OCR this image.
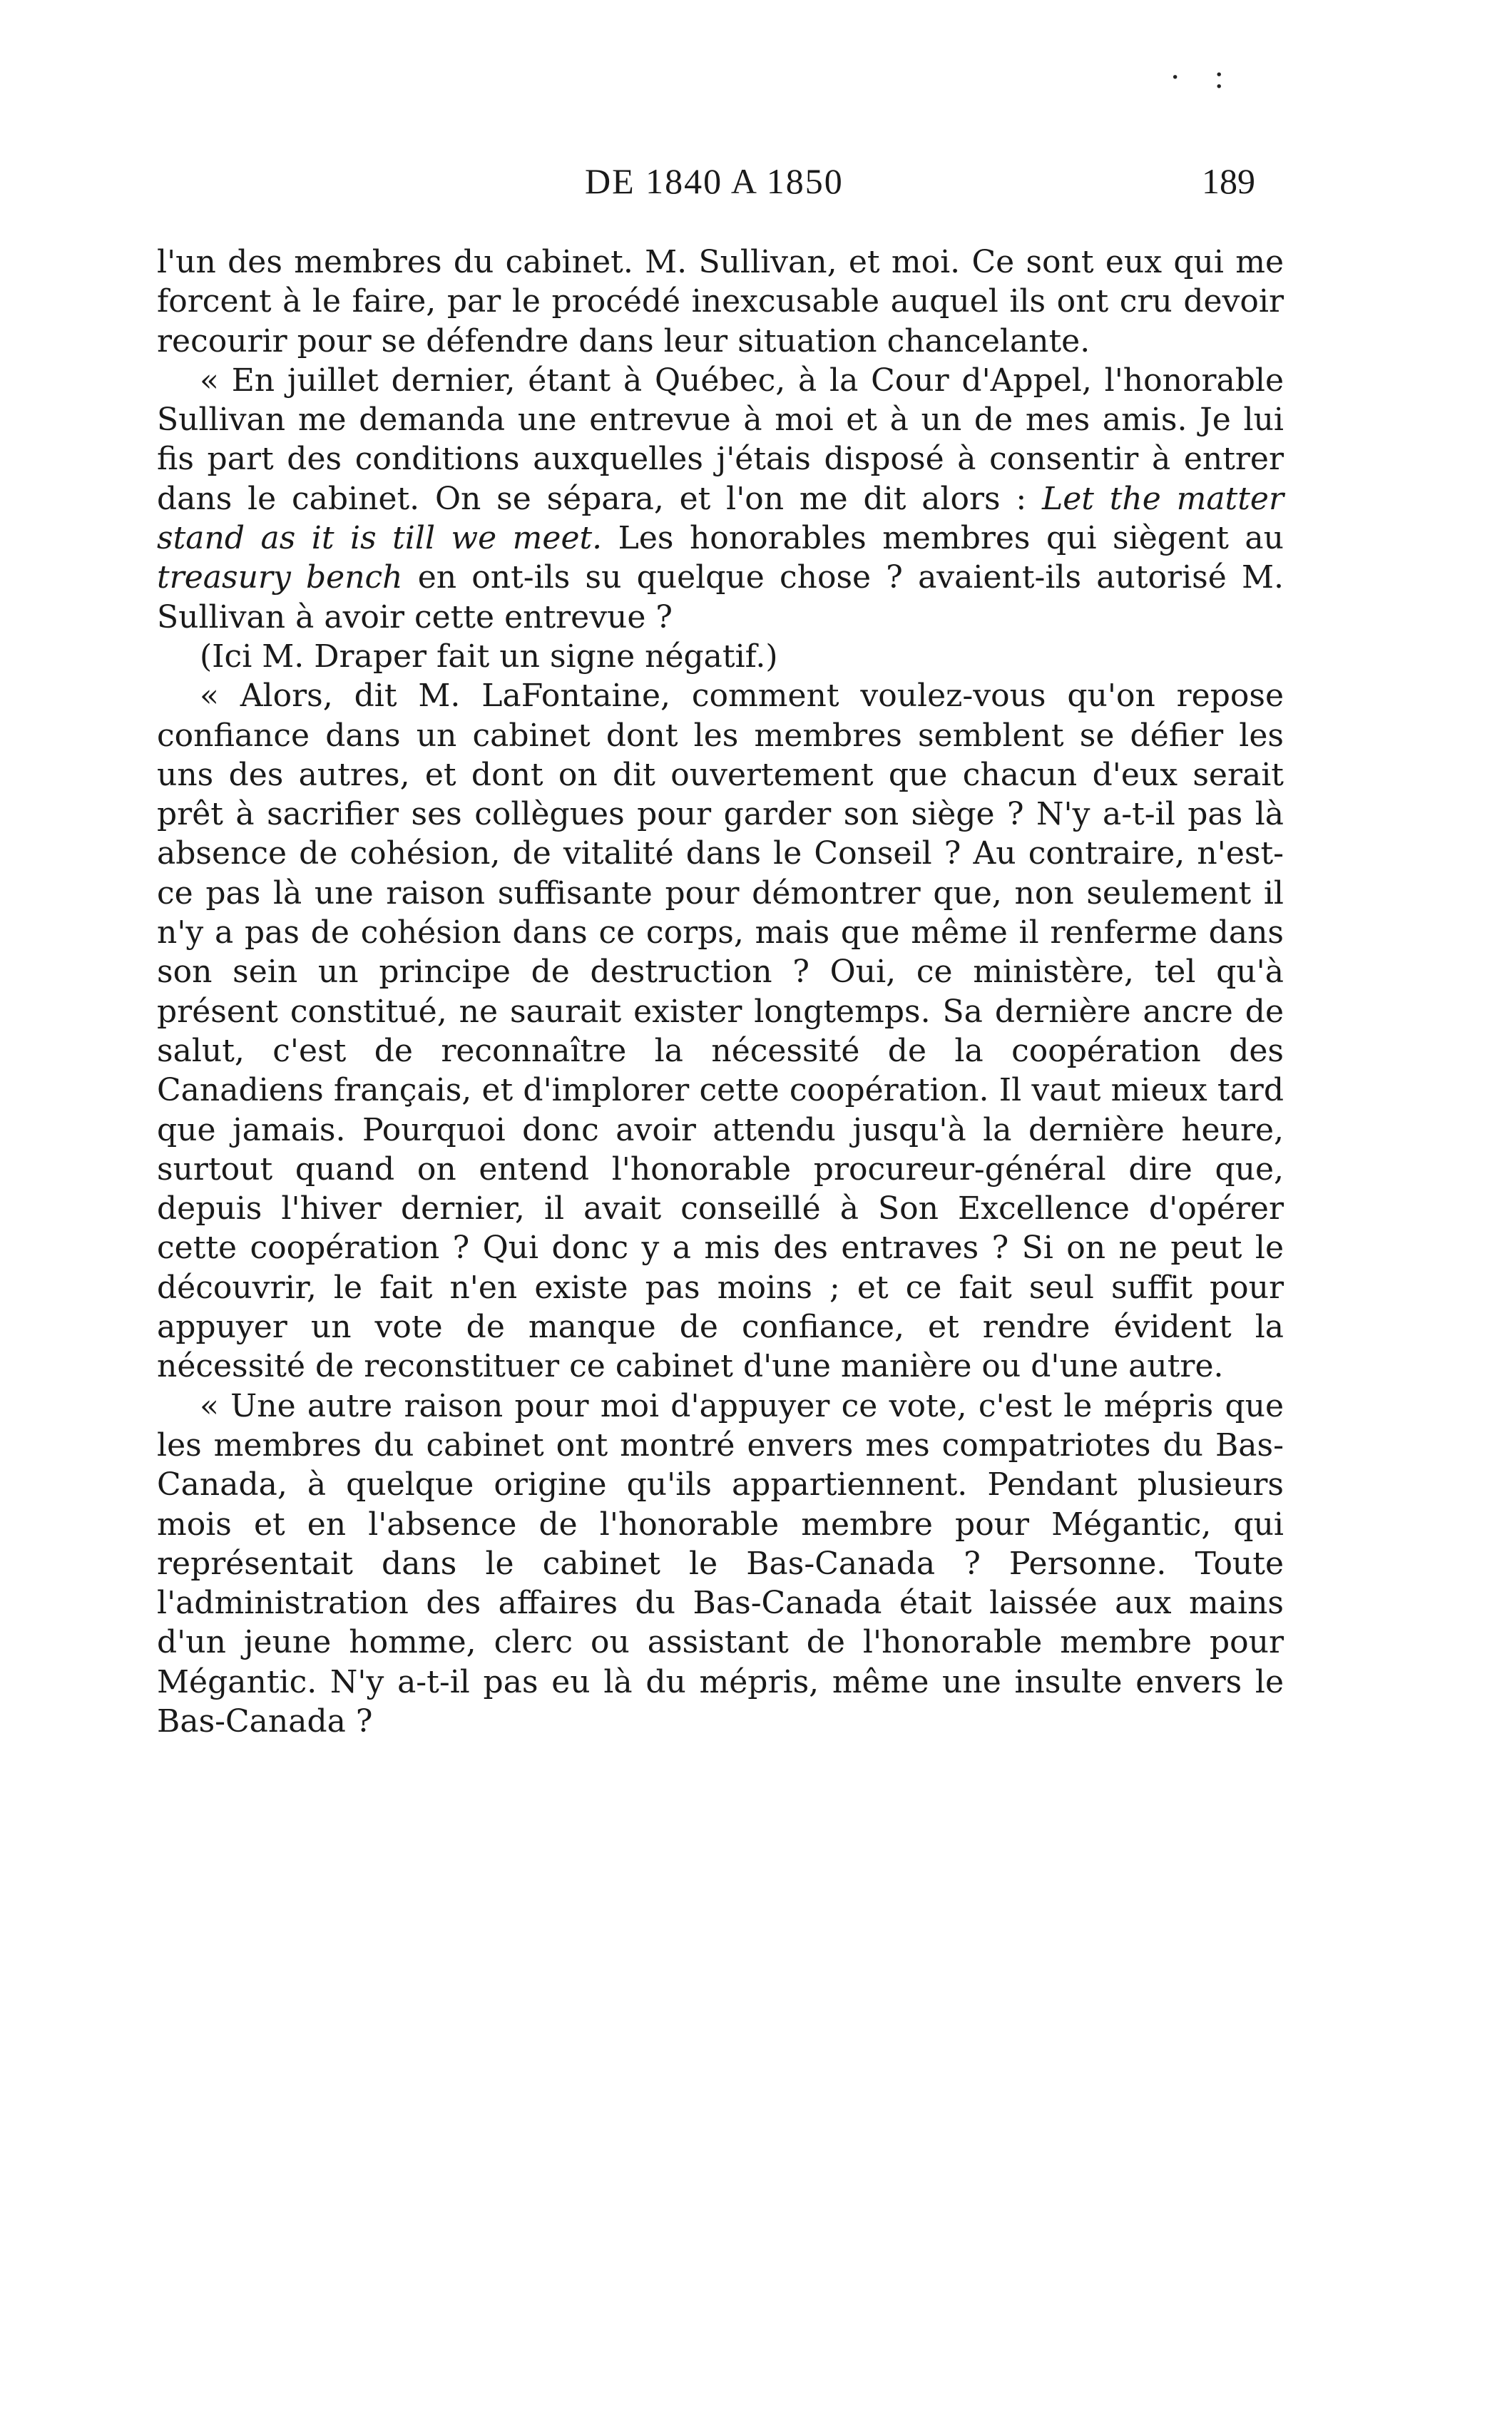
· :
DE 1840 A 1850	189

l'un des membres du cabinet. M. Sullivan, et moi. Ce sont eux qui me forcent à le faire, par le procédé inexcusable auquel ils ont cru devoir recourir pour se défendre dans leur situation chancelante.

« En juillet dernier, étant à Québec, à la Cour d'Appel, l'honorable Sullivan me demanda une entrevue à moi et à un de mes amis. Je lui fis part des conditions auxquelles j'étais disposé à consentir à entrer dans le cabinet. On se sépara, et l'on me dit alors : Let the matter stand as it is till we meet. Les honorables membres qui siègent au treasury bench en ont-ils su quelque chose ? avaient-ils autorisé M. Sullivan à avoir cette entrevue ?

(Ici M. Draper fait un signe négatif.)

« Alors, dit M. LaFontaine, comment voulez-vous qu'on repose confiance dans un cabinet dont les membres semblent se défier les uns des autres, et dont on dit ouvertement que chacun d'eux serait prêt à sacrifier ses collègues pour garder son siège ? N'y a-t-il pas là absence de cohésion, de vitalité dans le Conseil ? Au contraire, n'est-ce pas là une raison suffisante pour démontrer que, non seulement il n'y a pas de cohésion dans ce corps, mais que même il renferme dans son sein un principe de destruction ? Oui, ce ministère, tel qu'à présent constitué, ne saurait exister longtemps. Sa dernière ancre de salut, c'est de reconnaître la nécessité de la coopération des Canadiens français, et d'implorer cette coopération. Il vaut mieux tard que jamais. Pourquoi donc avoir attendu jusqu'à la dernière heure, surtout quand on entend l'honorable procureur-général dire que, depuis l'hiver dernier, il avait conseillé à Son Excellence d'opérer cette coopération ? Qui donc y a mis des entraves ? Si on ne peut le découvrir, le fait n'en existe pas moins ; et ce fait seul suffit pour appuyer un vote de manque de confiance, et rendre évident la nécessité de reconstituer ce cabinet d'une manière ou d'une autre.

« Une autre raison pour moi d'appuyer ce vote, c'est le mépris que les membres du cabinet ont montré envers mes compatriotes du Bas-Canada, à quelque origine qu'ils appartiennent. Pendant plusieurs mois et en l'absence de l'honorable membre pour Mégantic, qui représentait dans le cabinet le Bas-Canada ? Personne. Toute l'administration des affaires du Bas-Canada était laissée aux mains d'un jeune homme, clerc ou assistant de l'honorable membre pour Mégantic. N'y a-t-il pas eu là du mépris, même une insulte envers le Bas-Canada ?
